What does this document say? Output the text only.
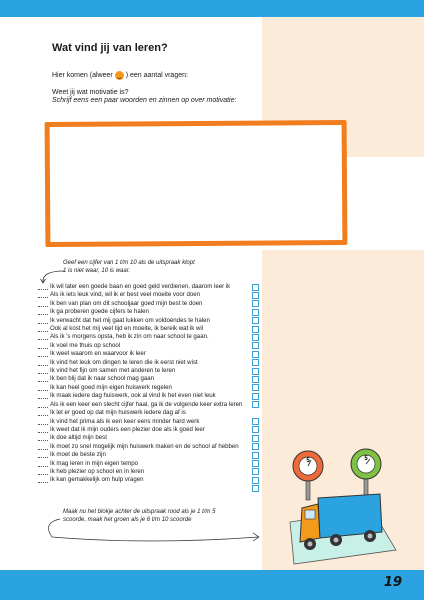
Wat vind jij van leren?
Hier komen (alweer ) een aantal vragen:
Weet jij wat motivatie is?
Schrijf eens een paar woorden en zinnen op over motivatie:
Geef een cijfer van 1 t/m 10 als de uitspraak klopt
1 is niet waar, 10 is waar.
Ik wil later een goede baan en goed geld verdienen, daarom leer ik
Als ik iets leuk vind, wil ik er best veel moeite voor doen
Ik ben van plan om dit schooljaar goed mijn best te doen
Ik ga proberen goede cijfers te halen
Ik verwacht dat het mij gaat lukken om voldoendes te halen
Ook al kost het mij veel tijd en moeite, ik bereik wat ik wil
Als ik 's morgens opsta, heb ik zin om naar school te gaan.
Ik voel me thuis op school
Ik weet waarom en waarvoor ik leer
Ik vind het leuk om dingen te leren die ik eerst niet wist
Ik vind het fijn om samen met anderen te leren
Ik ben blij dat ik naar school mag gaan
Ik kan heel goed mijn eigen huiswerk regelen
Ik maak iedere dag huiswerk, ook al vind ik het even niet leuk
Als ik een keer een slecht cijfer haal, ga ik de volgende keer extra leren
Ik let er goed op dat mijn huiswerk iedere dag af is
Ik vind het prima als ik een keer eens minder hard werk
Ik weet dat ik mijn ouders een plezier doe als ik goed leer
Ik doe altijd mijn best
Ik moet zo snel mogelijk mijn huiswerk maken en de school af hebben
Ik moet de beste zijn
Ik mag leren in mijn eigen tempo
Ik heb plezier op school en in leren
Ik kan gemakkelijk om hulp vragen
Maak nu het blokje achter de uitspraak rood als je 1 t/m 5
scoorde, maak het groen als je 6 t/m 10 scoorde
5	5
19
